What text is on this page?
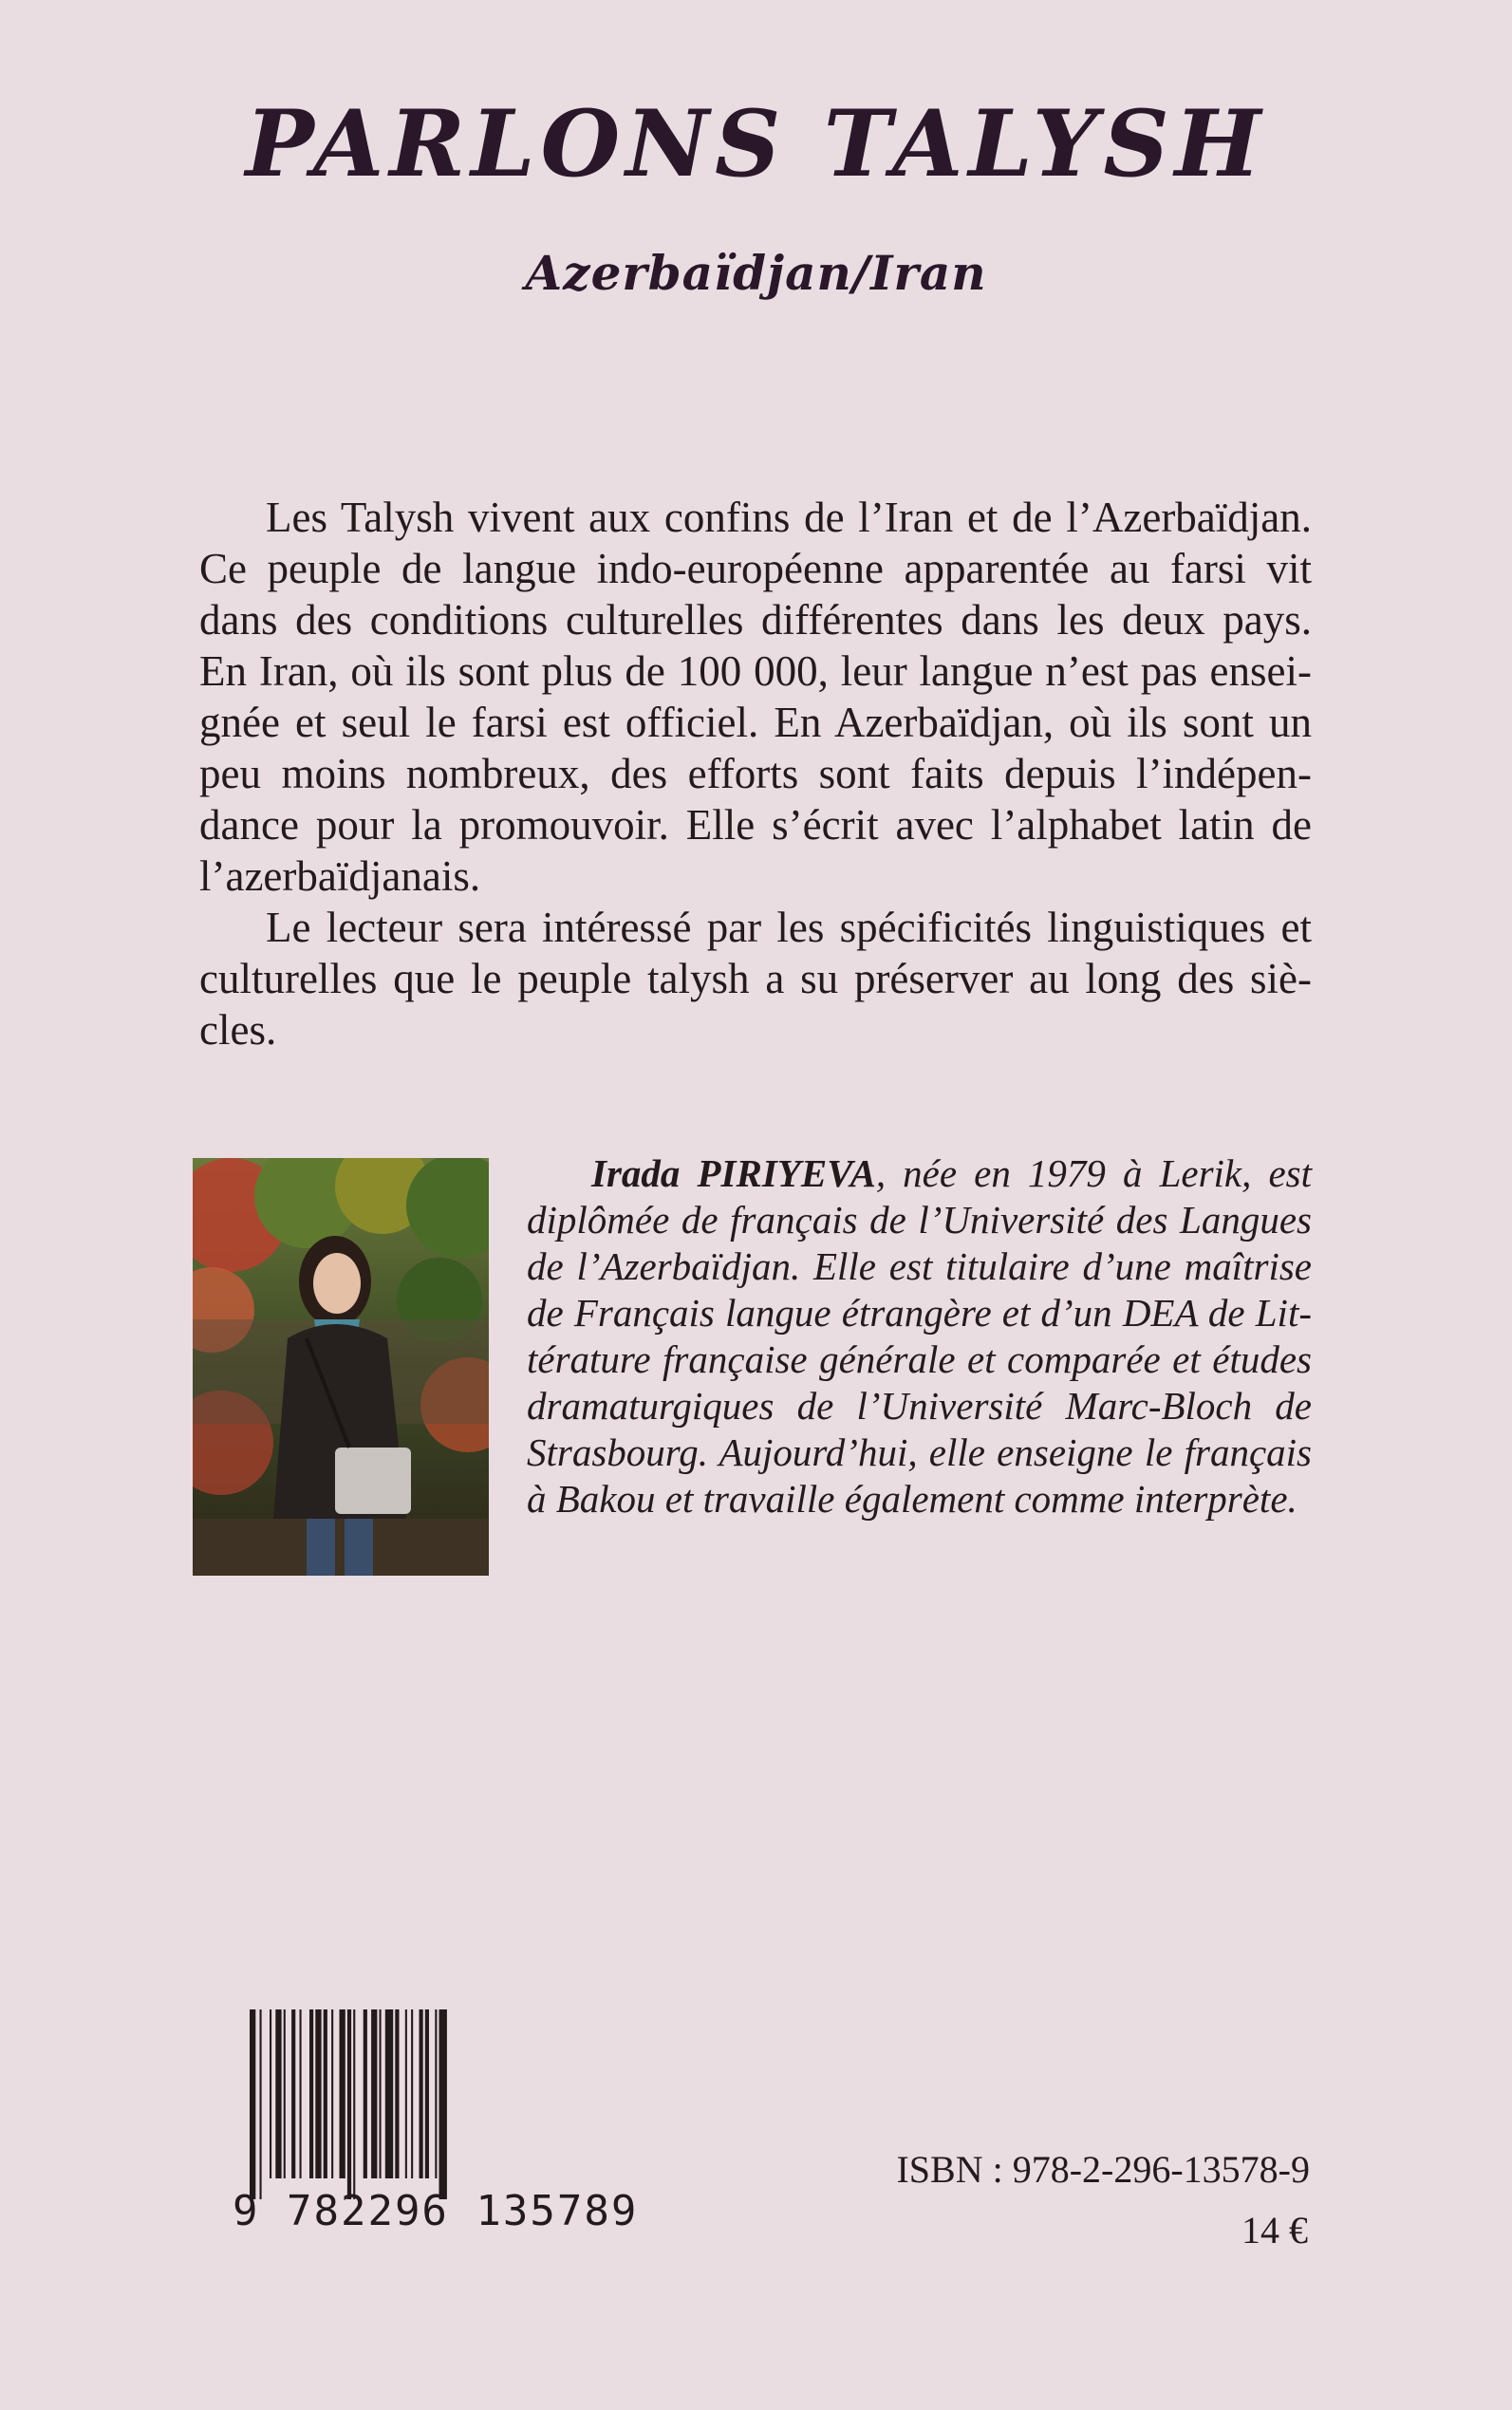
PARLONS TALYSH
Azerbaïdjan/Iran

Les Talysh vivent aux confins de l’Iran et de l’Azerbaïdjan. Ce peuple de langue indo-européenne apparentée au farsi vit dans des conditions culturelles différentes dans les deux pays. En Iran, où ils sont plus de 100 000, leur langue n’est pas enseignée et seul le farsi est officiel. En Azerbaïdjan, où ils sont un peu moins nombreux, des efforts sont faits depuis l’indépendance pour la promouvoir. Elle s’écrit avec l’alphabet latin de l’azerbaïdjanais.

Le lecteur sera intéressé par les spécificités linguistiques et culturelles que le peuple talysh a su préserver au long des siècles.

Irada PIRIYEVA, née en 1979 à Lerik, est diplômée de français de l’Université des Langues de l’Azerbaïdjan. Elle est titulaire d’une maîtrise de Français langue étrangère et d’un DEA de Littérature française générale et comparée et études dramaturgiques de l’Université Marc-Bloch de Strasbourg. Aujourd’hui, elle enseigne le français à Bakou et travaille également comme interprète.

9 782296 135789
ISBN : 978-2-296-13578-9
14 €
